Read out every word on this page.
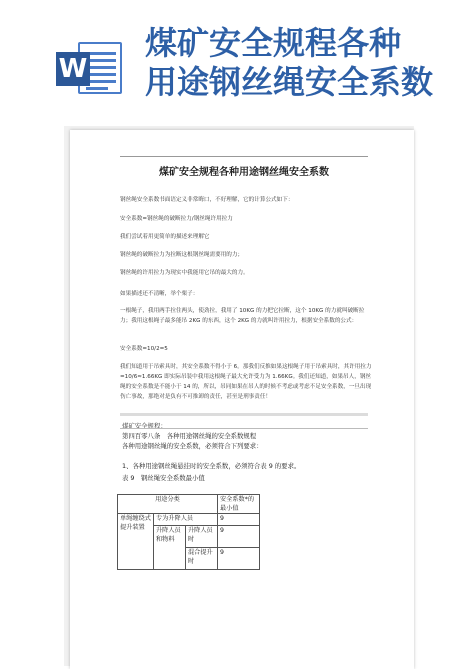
W
煤矿安全规程各种
用途钢丝绳安全系数
煤矿安全规程各种用途钢丝绳安全系数
钢丝绳安全系数书面语定义非常晦口，不好理解，它的计算公式如下：
安全系数=钢丝绳的破断拉力/钢丝绳许用拉力
我们尝试着用更简单的描述来理解它
钢丝绳的破断拉力为拉断这根钢丝绳需要用的力；
钢丝绳的许用拉力为现实中我能用它吊的最大的力。
如果描述还不清晰，举个栗子：
一根绳子，我用两手拉住两头，使劲拉，我用了 10KG 的力把它拉断，这个 10KG 的力就叫破断拉力；我用这根绳子最多能吊 2KG 的东西，这个 2KG 的力就叫许用拉力，根据安全系数的公式：
安全系数=10/2=5
我们知道用于吊索具时，其安全系数不得小于 6。那我们反推如果这根绳子用于吊索具时，其许用拉力=10/6≈1.66KG 即实际吊装中我用这根绳子最大允许受力为 1.66KG。我们还知道，如果吊人，钢丝绳的安全系数是不能小于 14 的，所以，吊同如果在吊人的时候不考虑或考虑不足安全系数，一旦出现伤亡事故，那绝对是负有不可推卸的责任，甚至是刑事责任！
煤矿安全规程：
第四百零八条　各种用途钢丝绳的安全系数规程
各种用途钢丝绳的安全系数，必须符合下列要求：
1、各种用途钢丝绳悬挂时的安全系数，必须符合表 9 的要求。
表 9　钢丝绳安全系数最小值
用途分类			安全系数*的最小值
单绳缠绕式提升装置	专为升降人员		9
	升降人员和物料	升降人员时	9
		混合提升时	9
